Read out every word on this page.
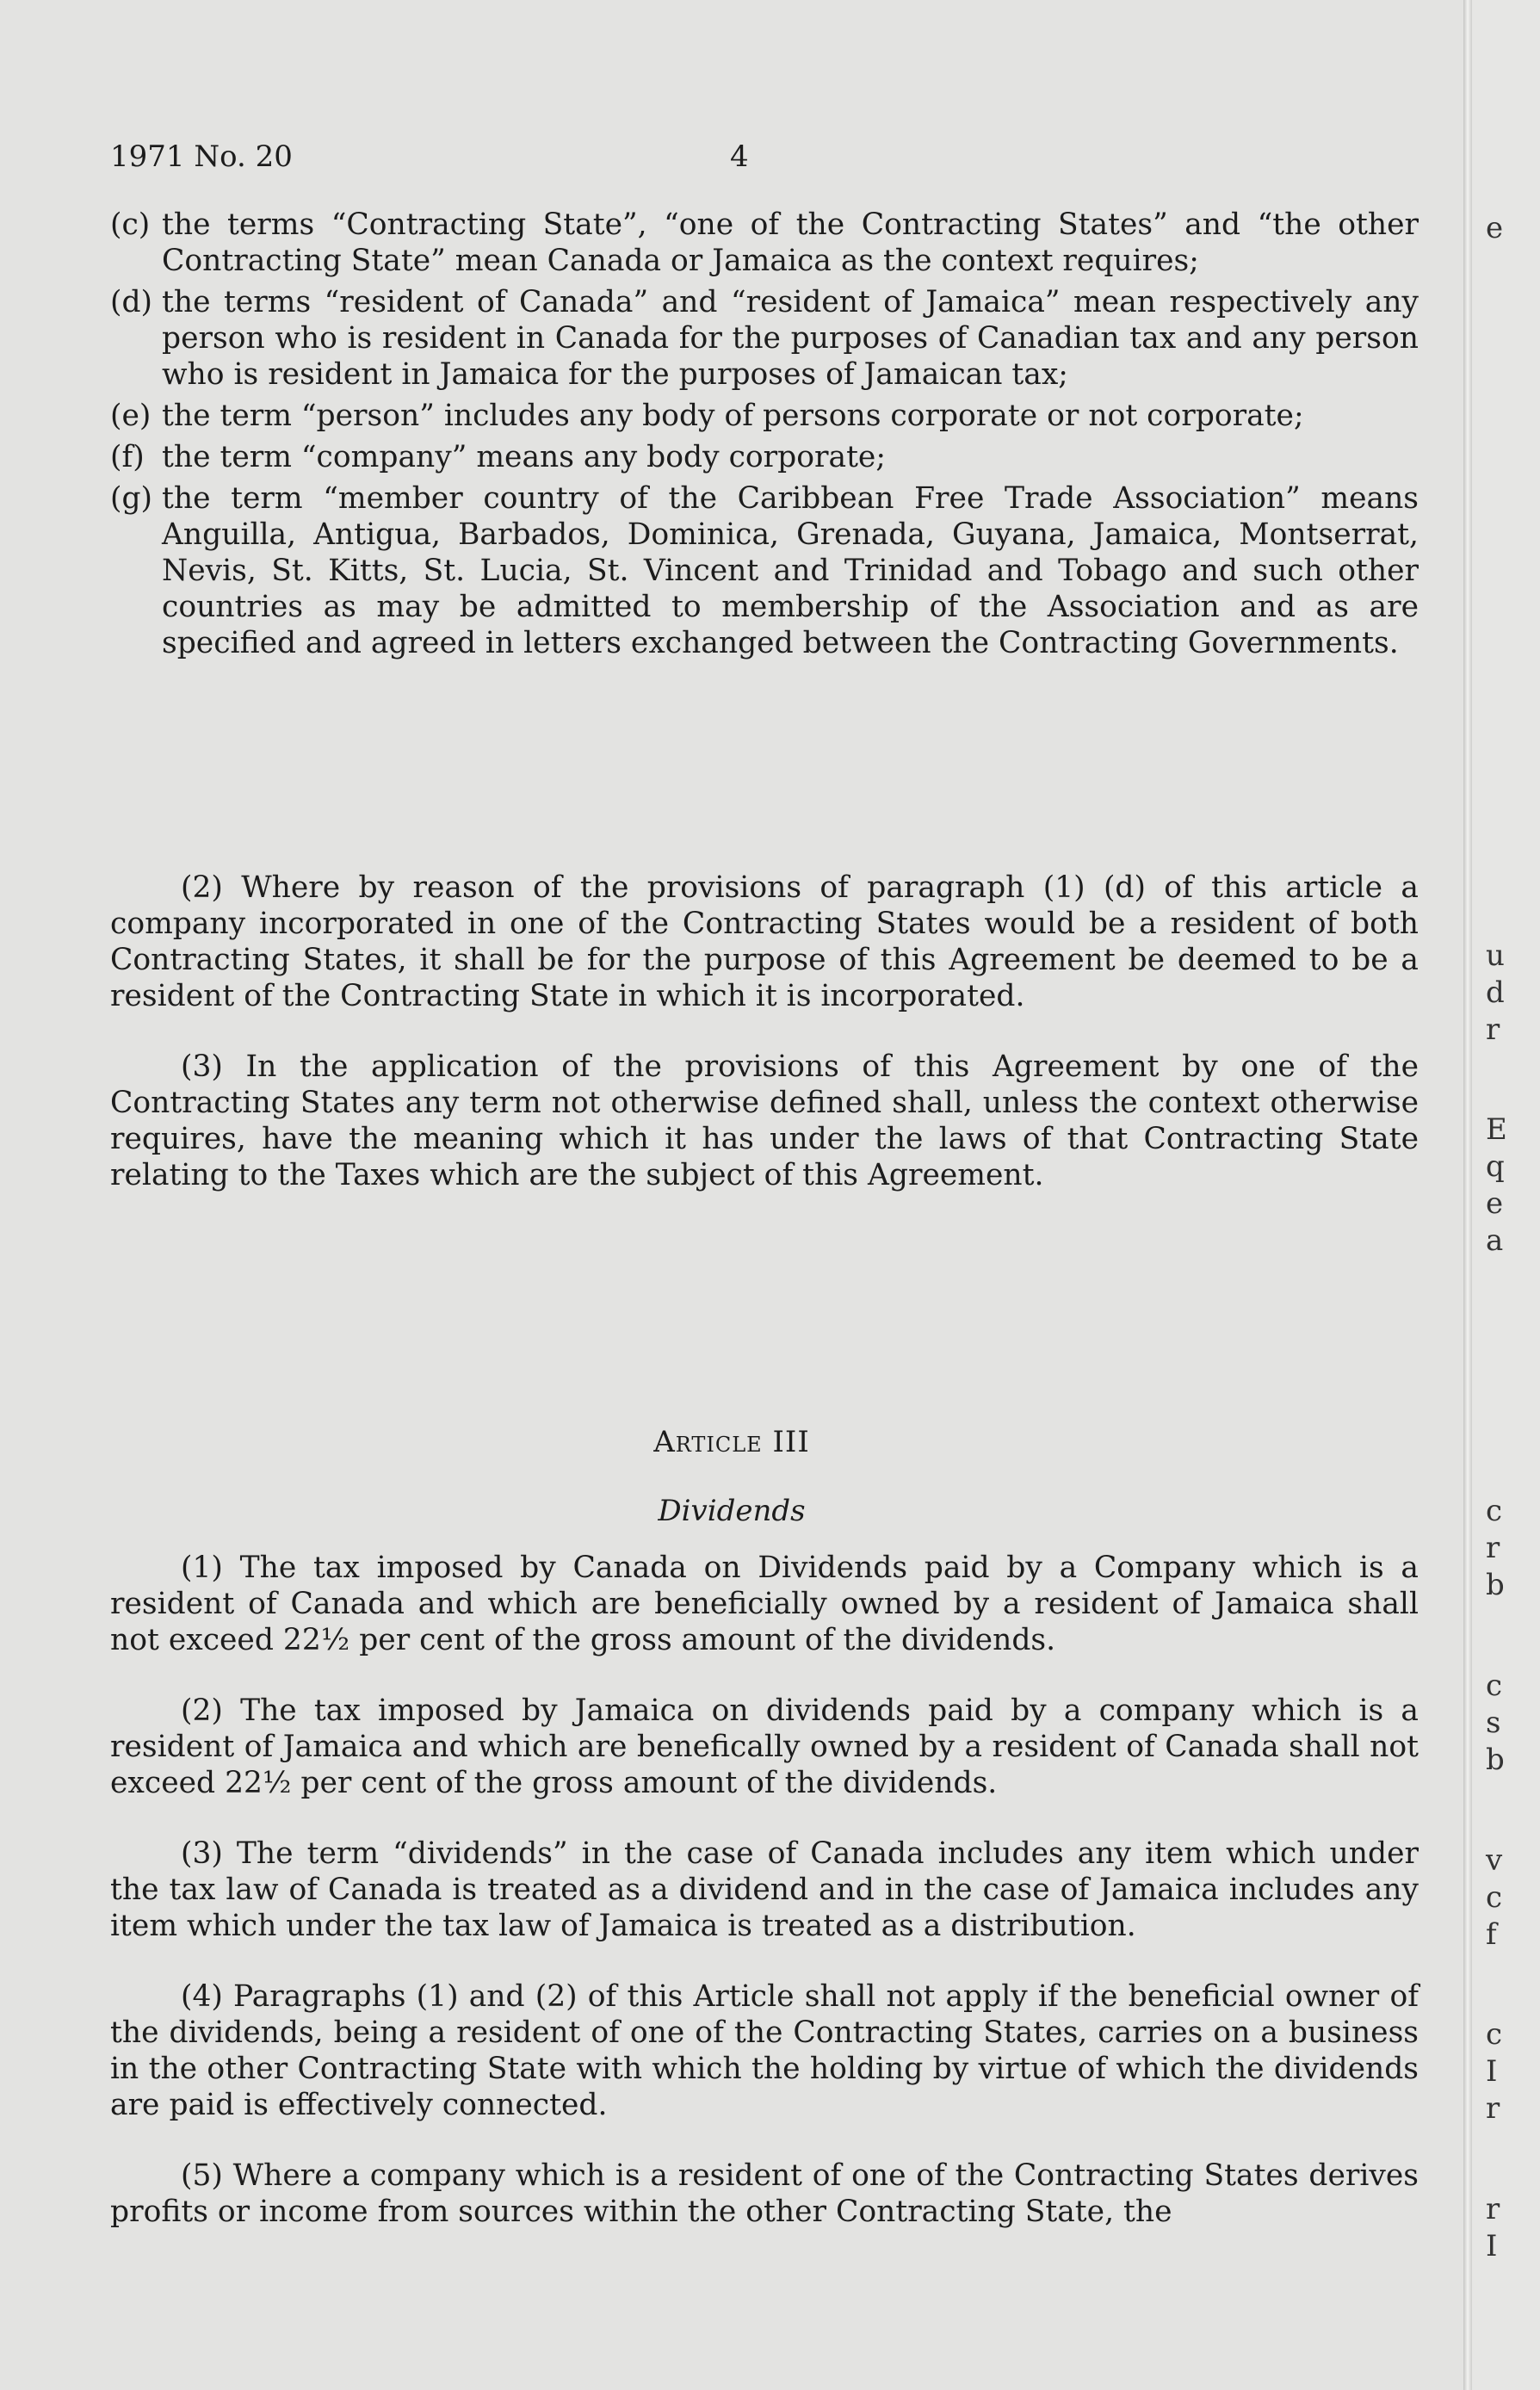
1971 No. 20	4
(c) the terms “Contracting State”, “one of the Contracting States” and “the other Contracting State” mean Canada or Jamaica as the context requires;
(d) the terms “resident of Canada” and “resident of Jamaica” mean respectively any person who is resident in Canada for the purposes of Canadian tax and any person who is resident in Jamaica for the purposes of Jamaican tax;
(e) the term “person” includes any body of persons corporate or not corporate;
(f) the term “company” means any body corporate;
(g) the term “member country of the Caribbean Free Trade Association” means Anguilla, Antigua, Barbados, Dominica, Grenada, Guyana, Jamaica, Montserrat, Nevis, St. Kitts, St. Lucia, St. Vincent and Trinidad and Tobago and such other countries as may be admitted to membership of the Association and as are specified and agreed in letters exchanged between the Contracting Governments.

(2) Where by reason of the provisions of paragraph (1) (d) of this article a company incorporated in one of the Contracting States would be a resident of both Contracting States, it shall be for the purpose of this Agreement be deemed to be a resident of the Contracting State in which it is incorporated.

(3) In the application of the provisions of this Agreement by one of the Contracting States any term not otherwise defined shall, unless the context otherwise requires, have the meaning which it has under the laws of that Contracting State relating to the Taxes which are the subject of this Agreement.

Article III
Dividends

(1) The tax imposed by Canada on Dividends paid by a Company which is a resident of Canada and which are beneficially owned by a resident of Jamaica shall not exceed 22½ per cent of the gross amount of the dividends.

(2) The tax imposed by Jamaica on dividends paid by a company which is a resident of Jamaica and which are benefically owned by a resident of Canada shall not exceed 22½ per cent of the gross amount of the dividends.

(3) The term “dividends” in the case of Canada includes any item which under the tax law of Canada is treated as a dividend and in the case of Jamaica includes any item which under the tax law of Jamaica is treated as a distribution.

(4) Paragraphs (1) and (2) of this Article shall not apply if the beneficial owner of the dividends, being a resident of one of the Contracting States, carries on a business in the other Contracting State with which the holding by virtue of which the dividends are paid is effectively connected.

(5) Where a company which is a resident of one of the Contracting States derives profits or income from sources within the other Contracting State, the

e
u
d
r
E
q
e
a
c
r
b
c
s
b
v
c
f
c
I
r
r
I
